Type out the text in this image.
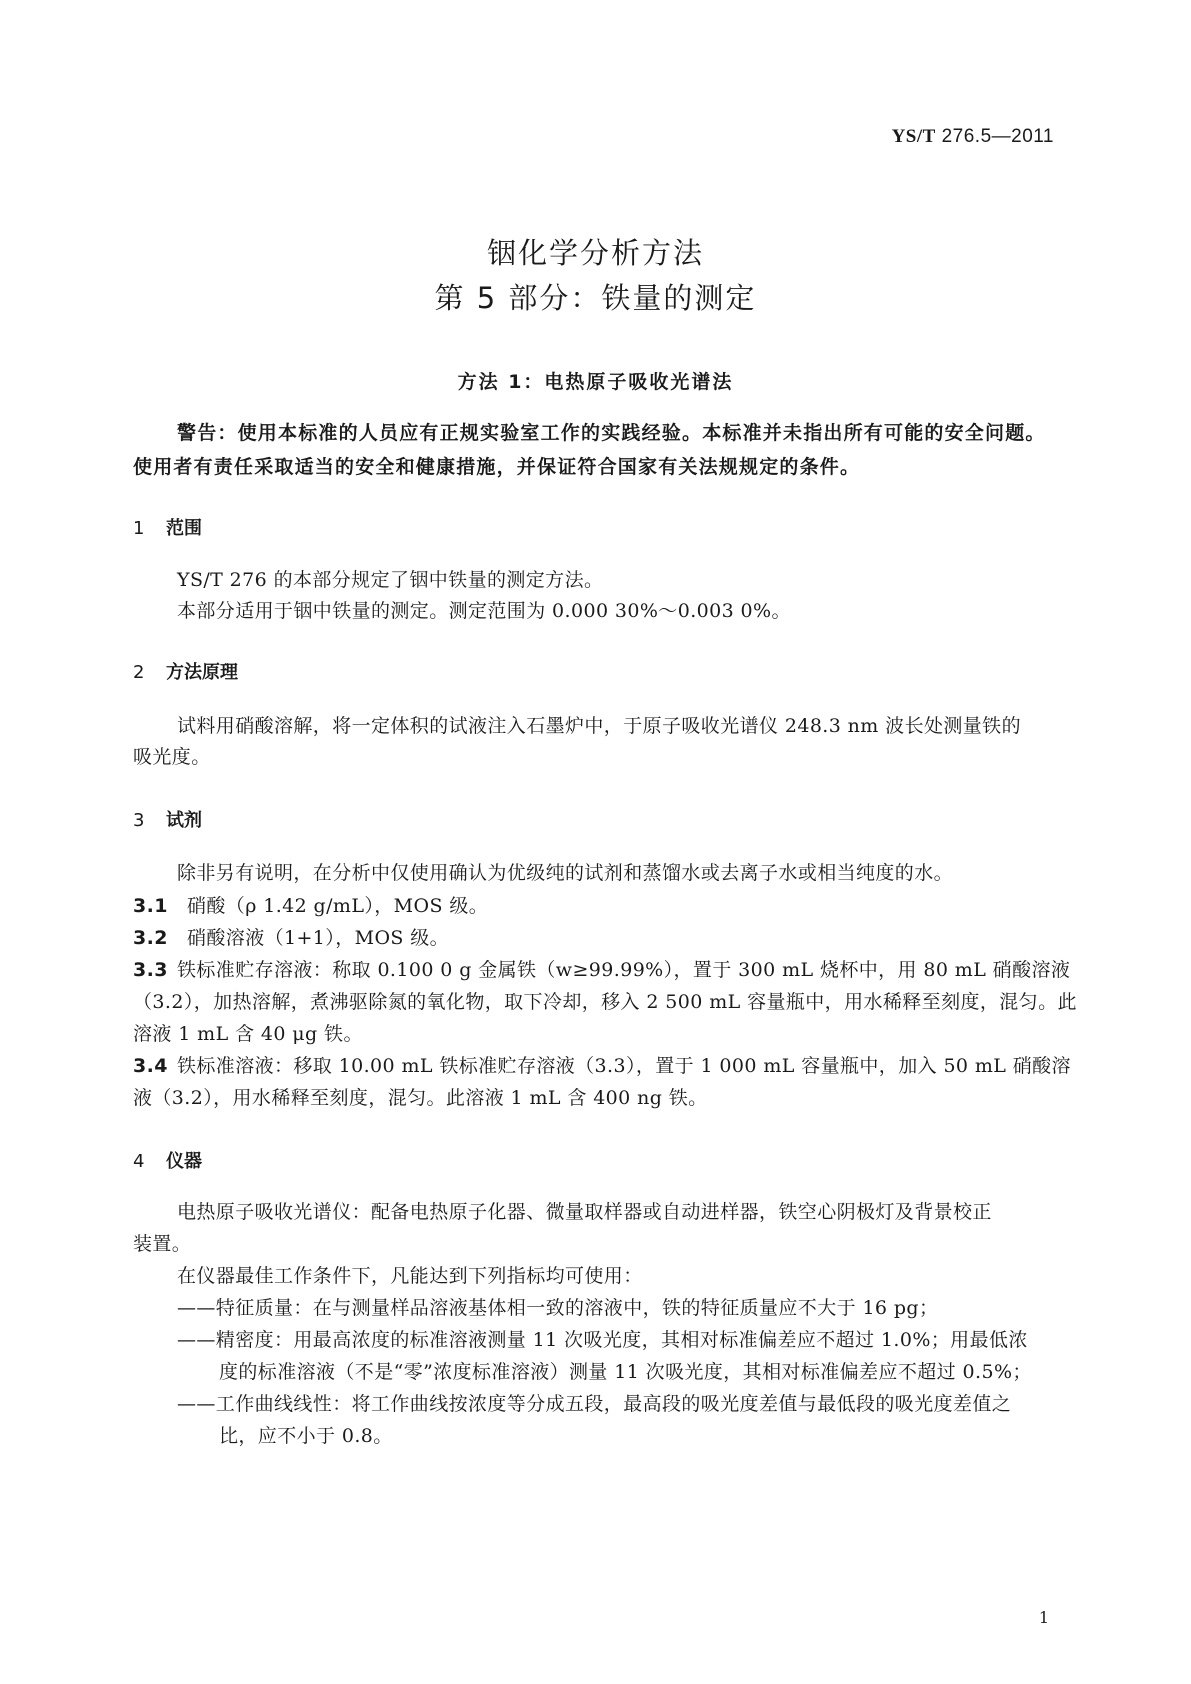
YS/T 276.5—2011
铟化学分析方法
第 5 部分：铁量的测定
方法 1：电热原子吸收光谱法
警告：使用本标准的人员应有正规实验室工作的实践经验。本标准并未指出所有可能的安全问题。
使用者有责任采取适当的安全和健康措施，并保证符合国家有关法规规定的条件。
1 范围
YS/T 276 的本部分规定了铟中铁量的测定方法。
本部分适用于铟中铁量的测定。测定范围为 0.000 30%～0.003 0%。
2 方法原理
试料用硝酸溶解，将一定体积的试液注入石墨炉中，于原子吸收光谱仪 248.3 nm 波长处测量铁的
吸光度。
3 试剂
除非另有说明，在分析中仅使用确认为优级纯的试剂和蒸馏水或去离子水或相当纯度的水。
3.1 硝酸（ρ 1.42 g/mL），MOS 级。
3.2 硝酸溶液（1+1），MOS 级。
3.3 铁标准贮存溶液：称取 0.100 0 g 金属铁（w≥99.99%），置于 300 mL 烧杯中，用 80 mL 硝酸溶液
（3.2），加热溶解，煮沸驱除氮的氧化物，取下冷却，移入 2 500 mL 容量瓶中，用水稀释至刻度，混匀。此
溶液 1 mL 含 40 μg 铁。
3.4 铁标准溶液：移取 10.00 mL 铁标准贮存溶液（3.3），置于 1 000 mL 容量瓶中，加入 50 mL 硝酸溶
液（3.2），用水稀释至刻度，混匀。此溶液 1 mL 含 400 ng 铁。
4 仪器
电热原子吸收光谱仪：配备电热原子化器、微量取样器或自动进样器，铁空心阴极灯及背景校正
装置。
在仪器最佳工作条件下，凡能达到下列指标均可使用：
——特征质量：在与测量样品溶液基体相一致的溶液中，铁的特征质量应不大于 16 pg；
——精密度：用最高浓度的标准溶液测量 11 次吸光度，其相对标准偏差应不超过 1.0%；用最低浓
度的标准溶液（不是“零”浓度标准溶液）测量 11 次吸光度，其相对标准偏差应不超过 0.5%；
——工作曲线线性：将工作曲线按浓度等分成五段，最高段的吸光度差值与最低段的吸光度差值之
比，应不小于 0.8。
1
